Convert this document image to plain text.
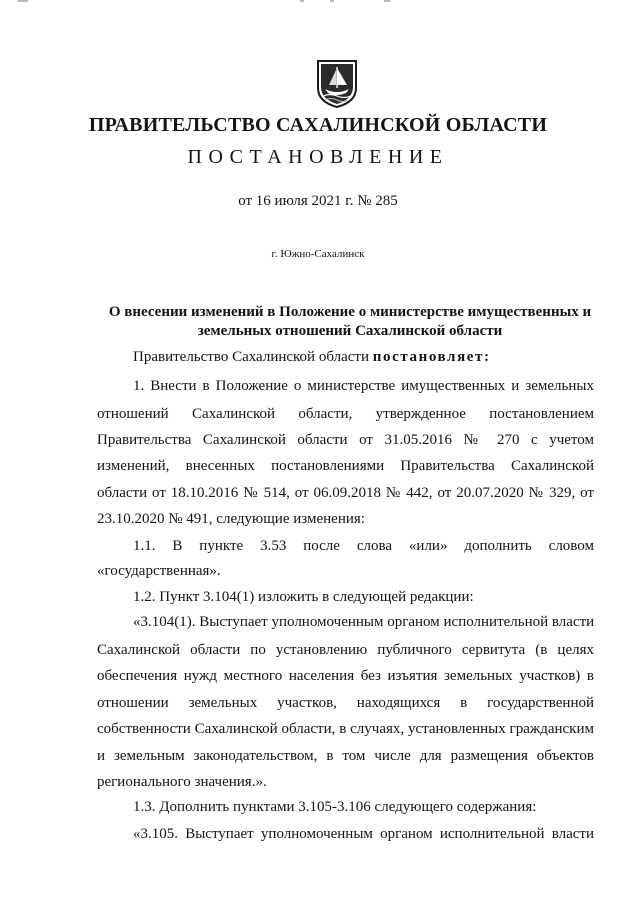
ПРАВИТЕЛЬСТВО САХАЛИНСКОЙ ОБЛАСТИ
ПОСТАНОВЛЕНИЕ
от 16 июля 2021 г. № 285
г. Южно-Сахалинск
О внесении изменений в Положение о министерстве имущественных и
земельных отношений Сахалинской области
Правительство Сахалинской области постановляет:
1. Внести в Положение о министерстве имущественных и земельных
отношений Сахалинской области, утвержденное постановлением
Правительства Сахалинской области от 31.05.2016 № 270 с учетом
изменений, внесенных постановлениями Правительства Сахалинской
области от 18.10.2016 № 514, от 06.09.2018 № 442, от 20.07.2020 № 329, от
23.10.2020 № 491, следующие изменения:
1.1. В пункте 3.53 после слова «или» дополнить словом
«государственная».
1.2. Пункт 3.104(1) изложить в следующей редакции:
«3.104(1). Выступает уполномоченным органом исполнительной власти
Сахалинской области по установлению публичного сервитута (в целях
обеспечения нужд местного населения без изъятия земельных участков) в
отношении земельных участков, находящихся в государственной
собственности Сахалинской области, в случаях, установленных гражданским
и земельным законодательством, в том числе для размещения объектов
регионального значения.».
1.3. Дополнить пунктами 3.105-3.106 следующего содержания:
«3.105. Выступает уполномоченным органом исполнительной власти
